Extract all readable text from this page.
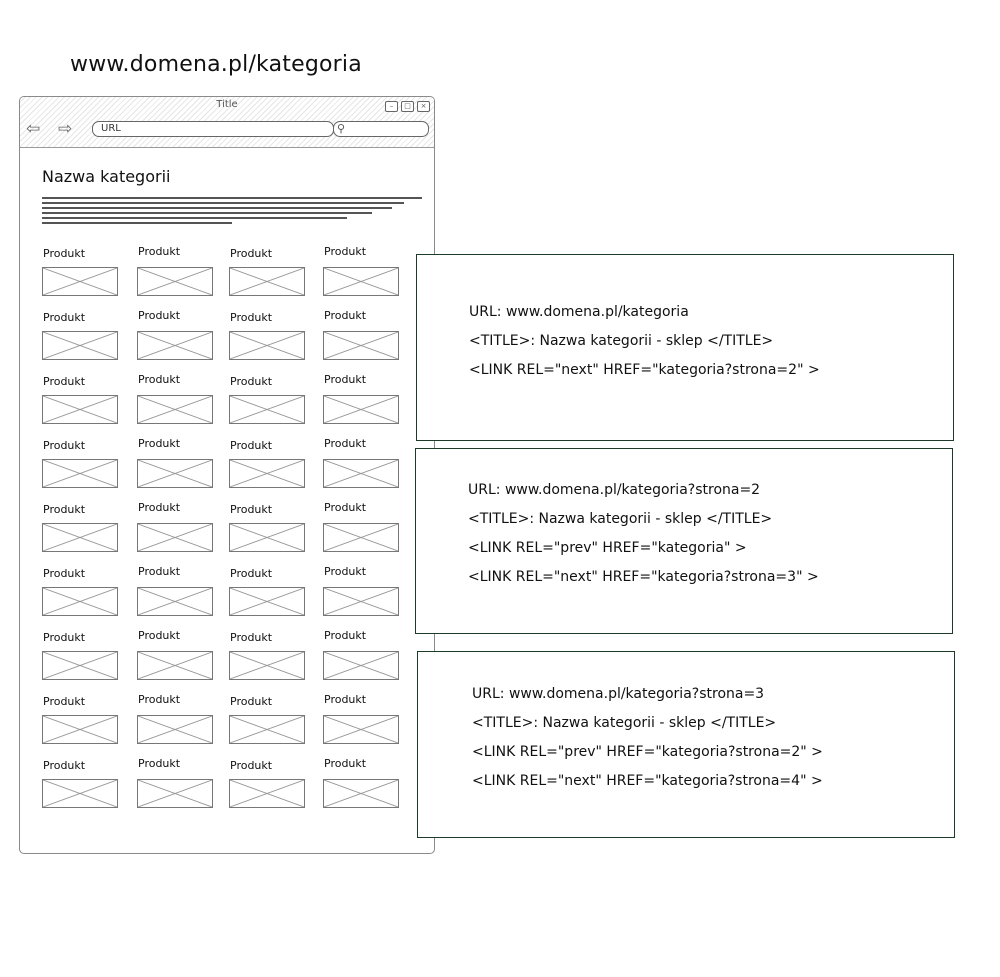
www.domena.pl/kategoria
Title	–	□	×
⇦ ⇨	URL	⚲
Nazwa kategorii
Produkt	Produkt	Produkt	Produkt
Produkt	Produkt	Produkt	Produkt
Produkt	Produkt	Produkt	Produkt
Produkt	Produkt	Produkt	Produkt
Produkt	Produkt	Produkt	Produkt
Produkt	Produkt	Produkt	Produkt
Produkt	Produkt	Produkt	Produkt
Produkt	Produkt	Produkt	Produkt
Produkt	Produkt	Produkt	Produkt
URL: www.domena.pl/kategoria
<TITLE>: Nazwa kategorii - sklep </TITLE>
<LINK REL="next" HREF="kategoria?strona=2" >
URL: www.domena.pl/kategoria?strona=2
<TITLE>: Nazwa kategorii - sklep </TITLE>
<LINK REL="prev" HREF="kategoria" >
<LINK REL="next" HREF="kategoria?strona=3" >
URL: www.domena.pl/kategoria?strona=3
<TITLE>: Nazwa kategorii - sklep </TITLE>
<LINK REL="prev" HREF="kategoria?strona=2" >
<LINK REL="next" HREF="kategoria?strona=4" >
